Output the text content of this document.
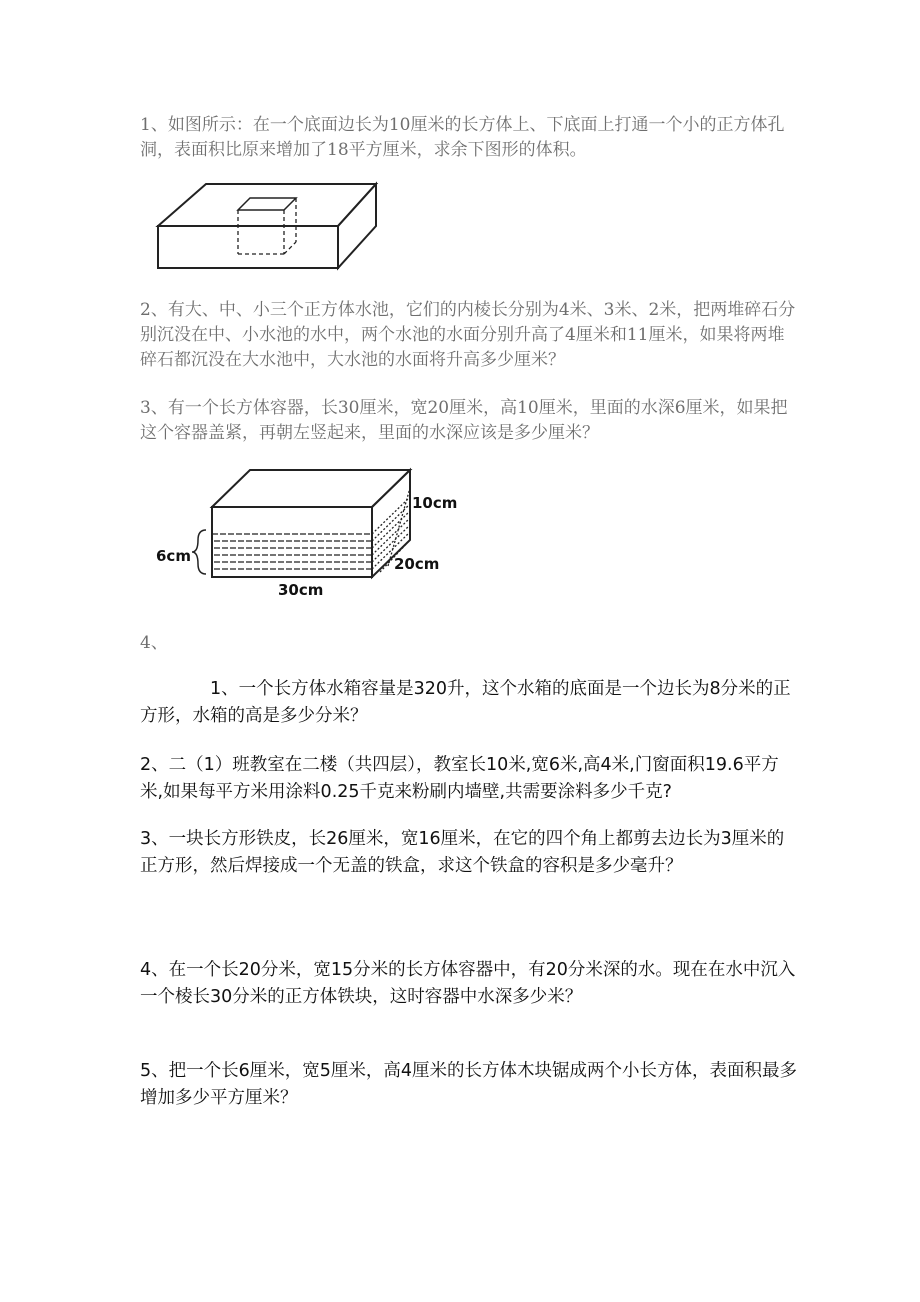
1、如图所示：在一个底面边长为10厘米的长方体上、下底面上打通一个小的正方体孔洞，表面积比原来增加了18平方厘米，求余下图形的体积。

2、有大、中、小三个正方体水池，它们的内棱长分别为4米、3米、2米，把两堆碎石分别沉没在中、小水池的水中，两个水池的水面分别升高了4厘米和11厘米，如果将两堆碎石都沉没在大水池中，大水池的水面将升高多少厘米？

3、有一个长方体容器，长30厘米，宽20厘米，高10厘米，里面的水深6厘米，如果把这个容器盖紧，再朝左竖起来，里面的水深应该是多少厘米？

10cm
20cm
30cm
6cm

4、

1、一个长方体水箱容量是320升，这个水箱的底面是一个边长为8分米的正方形，水箱的高是多少分米？

2、二（1）班教室在二楼（共四层），教室长10米,宽6米,高4米,门窗面积19.6平方米,如果每平方米用涂料0.25千克来粉刷内墙壁,共需要涂料多少千克?

3、一块长方形铁皮，长26厘米，宽16厘米，在它的四个角上都剪去边长为3厘米的正方形，然后焊接成一个无盖的铁盒，求这个铁盒的容积是多少毫升？

4、在一个长20分米，宽15分米的长方体容器中，有20分米深的水。现在在水中沉入一个棱长30分米的正方体铁块，这时容器中水深多少米？

5、把一个长6厘米，宽5厘米，高4厘米的长方体木块锯成两个小长方体，表面积最多增加多少平方厘米？
